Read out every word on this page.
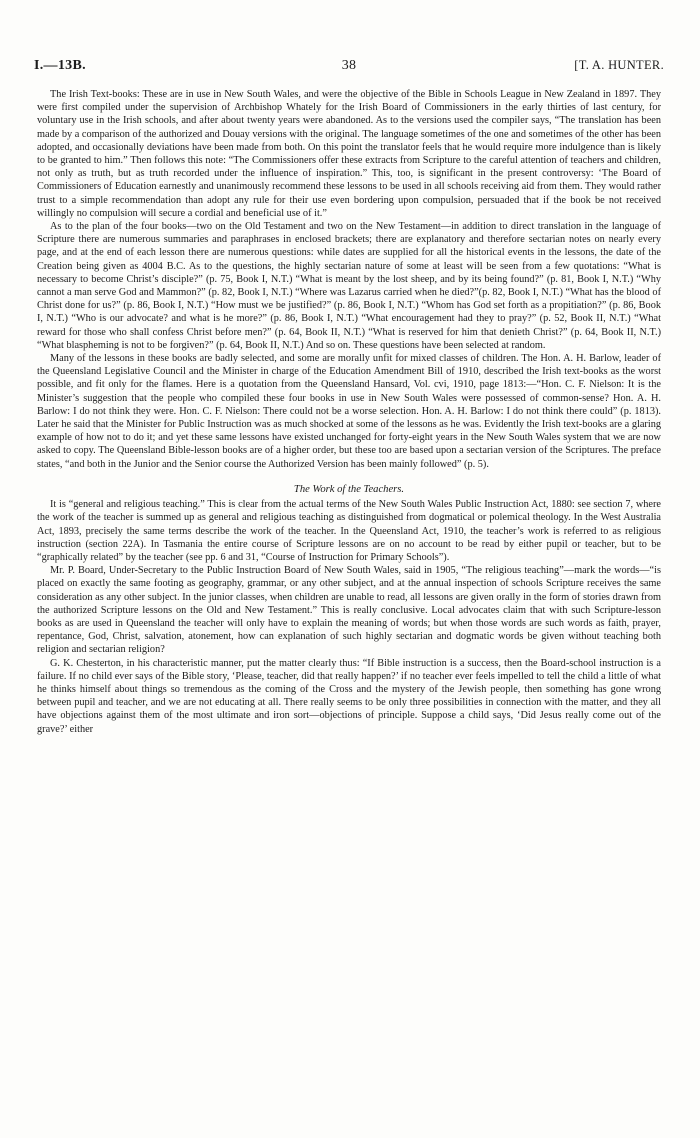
I.—13B.	38	[T. A. HUNTER.

The Irish Text-books: These are in use in New South Wales, and were the objective of the Bible in Schools League in New Zealand in 1897. They were first compiled under the supervision of Archbishop Whately for the Irish Board of Commissioners in the early thirties of last century, for voluntary use in the Irish schools, and after about twenty years were abandoned. As to the versions used the compiler says, “The translation has been made by a comparison of the authorized and Douay versions with the original. The language sometimes of the one and sometimes of the other has been adopted, and occasionally deviations have been made from both. On this point the translator feels that he would require more indulgence than is likely to be granted to him.” Then follows this note: “The Commissioners offer these extracts from Scripture to the careful attention of teachers and children, not only as truth, but as truth recorded under the influence of inspiration.” This, too, is significant in the present controversy: ‘The Board of Commissioners of Education earnestly and unanimously recommend these lessons to be used in all schools receiving aid from them. They would rather trust to a simple recommendation than adopt any rule for their use even bordering upon compulsion, persuaded that if the book be not received willingly no compulsion will secure a cordial and beneficial use of it.”

As to the plan of the four books—two on the Old Testament and two on the New Testament—in addition to direct translation in the language of Scripture there are numerous summaries and paraphrases in enclosed brackets; there are explanatory and therefore sectarian notes on nearly every page, and at the end of each lesson there are numerous questions: while dates are supplied for all the historical events in the lessons, the date of the Creation being given as 4004 B.C. As to the questions, the highly sectarian nature of some at least will be seen from a few quotations: “What is necessary to become Christ’s disciple?” (p. 75, Book I, N.T.) “What is meant by the lost sheep, and by its being found?” (p. 81, Book I, N.T.) “Why cannot a man serve God and Mammon?” (p. 82, Book I, N.T.) “Where was Lazarus carried when he died?”(p. 82, Book I, N.T.) “What has the blood of Christ done for us?” (p. 86, Book I, N.T.) “How must we be justified?” (p. 86, Book I, N.T.) “Whom has God set forth as a propitiation?” (p. 86, Book I, N.T.) “Who is our advocate? and what is he more?” (p. 86, Book I, N.T.) “What encouragement had they to pray?” (p. 52, Book II, N.T.) “What reward for those who shall confess Christ before men?” (p. 64, Book II, N.T.) “What is reserved for him that denieth Christ?” (p. 64, Book II, N.T.) “What blaspheming is not to be forgiven?” (p. 64, Book II, N.T.) And so on. These questions have been selected at random.

Many of the lessons in these books are badly selected, and some are morally unfit for mixed classes of children. The Hon. A. H. Barlow, leader of the Queensland Legislative Council and the Minister in charge of the Education Amendment Bill of 1910, described the Irish text-books as the worst possible, and fit only for the flames. Here is a quotation from the Queensland Hansard, Vol. cvi, 1910, page 1813:—“Hon. C. F. Nielson: It is the Minister’s suggestion that the people who compiled these four books in use in New South Wales were possessed of common-sense? Hon. A. H. Barlow: I do not think they were. Hon. C. F. Nielson: There could not be a worse selection. Hon. A. H. Barlow: I do not think there could” (p. 1813). Later he said that the Minister for Public Instruction was as much shocked at some of the lessons as he was. Evidently the Irish text-books are a glaring example of how not to do it; and yet these same lessons have existed unchanged for forty-eight years in the New South Wales system that we are now asked to copy. The Queensland Bible-lesson books are of a higher order, but these too are based upon a sectarian version of the Scriptures. The preface states, “and both in the Junior and the Senior course the Authorized Version has been mainly followed” (p. 5).

The Work of the Teachers.

It is “general and religious teaching.” This is clear from the actual terms of the New South Wales Public Instruction Act, 1880: see section 7, where the work of the teacher is summed up as general and religious teaching as distinguished from dogmatical or polemical theology. In the West Australia Act, 1893, precisely the same terms describe the work of the teacher. In the Queensland Act, 1910, the teacher’s work is referred to as religious instruction (section 22A). In Tasmania the entire course of Scripture lessons are on no account to be read by either pupil or teacher, but to be “graphically related” by the teacher (see pp. 6 and 31, “Course of Instruction for Primary Schools”).

Mr. P. Board, Under-Secretary to the Public Instruction Board of New South Wales, said in 1905, “The religious teaching”—mark the words—“is placed on exactly the same footing as geography, grammar, or any other subject, and at the annual inspection of schools Scripture receives the same consideration as any other subject. In the junior classes, when children are unable to read, all lessons are given orally in the form of stories drawn from the authorized Scripture lessons on the Old and New Testament.” This is really conclusive. Local advocates claim that with such Scripture-lesson books as are used in Queensland the teacher will only have to explain the meaning of words; but when those words are such words as faith, prayer, repentance, God, Christ, salvation, atonement, how can explanation of such highly sectarian and dogmatic words be given without teaching both religion and sectarian religion?

G. K. Chesterton, in his characteristic manner, put the matter clearly thus: “If Bible instruction is a success, then the Board-school instruction is a failure. If no child ever says of the Bible story, ‘Please, teacher, did that really happen?’ if no teacher ever feels impelled to tell the child a little of what he thinks himself about things so tremendous as the coming of the Cross and the mystery of the Jewish people, then something has gone wrong between pupil and teacher, and we are not educating at all. There really seems to be only three possibilities in connection with the matter, and they all have objections against them of the most ultimate and iron sort—objections of principle. Suppose a child says, ‘Did Jesus really come out of the grave?’ either
